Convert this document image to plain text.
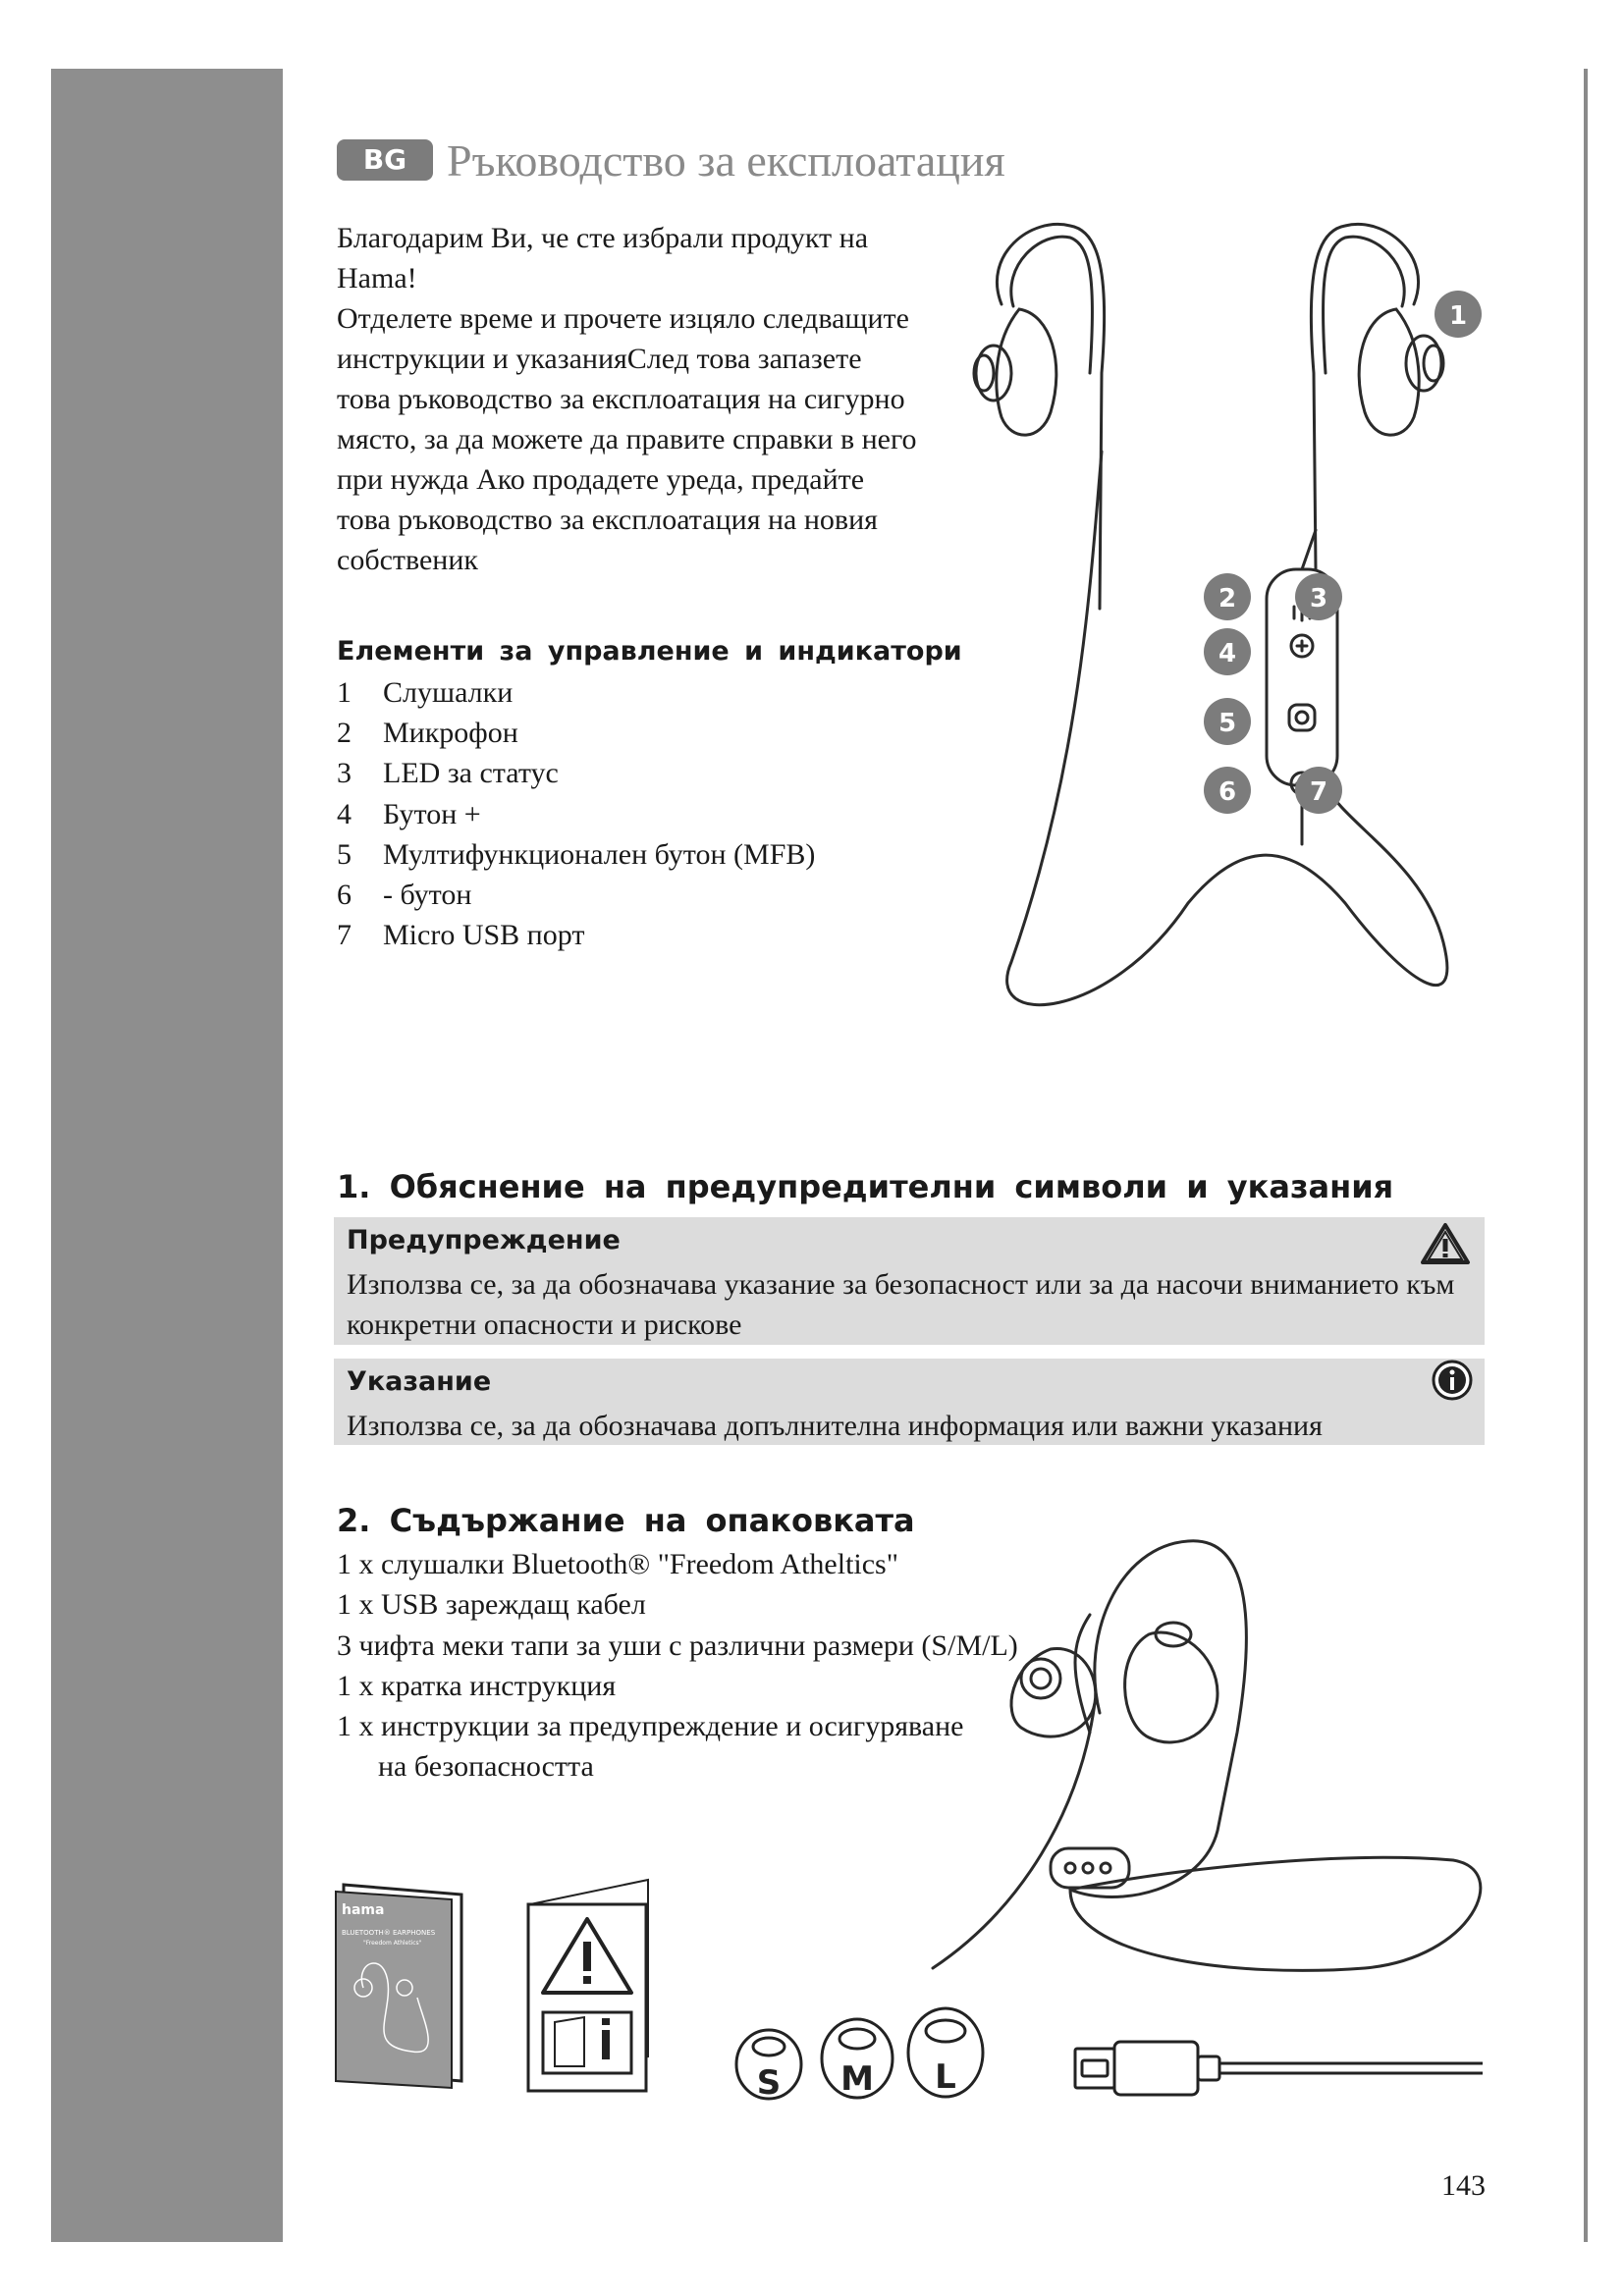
BG Ръководство за експлоатация

Благодарим Ви, че сте избрали продукт на

Hama!

Отделете време и прочете изцяло следващите

инструкции и указанияСлед това запазете

това ръководство за експлоатация на сигурно

място, за да можете да правите справки в него

при нужда Ако продадете уреда, предайте

това ръководство за експлоатация на новия

собственик

Елементи за управление и индикатори
1	Слушалки
2	Микрофон
3	LED за статус
4	Бутон +
5	Мултифункционален бутон (MFB)
6	- бутон
7	Micro USB порт
1
2	3
4
5
6	7
1. Обяснение на предупредителни символи и указания
Предупреждение
Използва се, за да обозначава указание за безопасност или за да насочи вниманието към
конкретни опасности и рискове
Указание
Използва се, за да обозначава допълнителна информация или важни указания
2. Съдържание на опаковката
1 х слушалки Bluetooth® "Freedom Atheltics"
1 х USB зареждащ кабел
3 чифта меки тапи за уши с различни размери (S/M/L)
1 х кратка инструкция
1 х инструкции за предупреждение и осигуряване
на безопасността
hama
BLUETOOTH® EARPHONES
"Freedom Athletics"
S M L
143
